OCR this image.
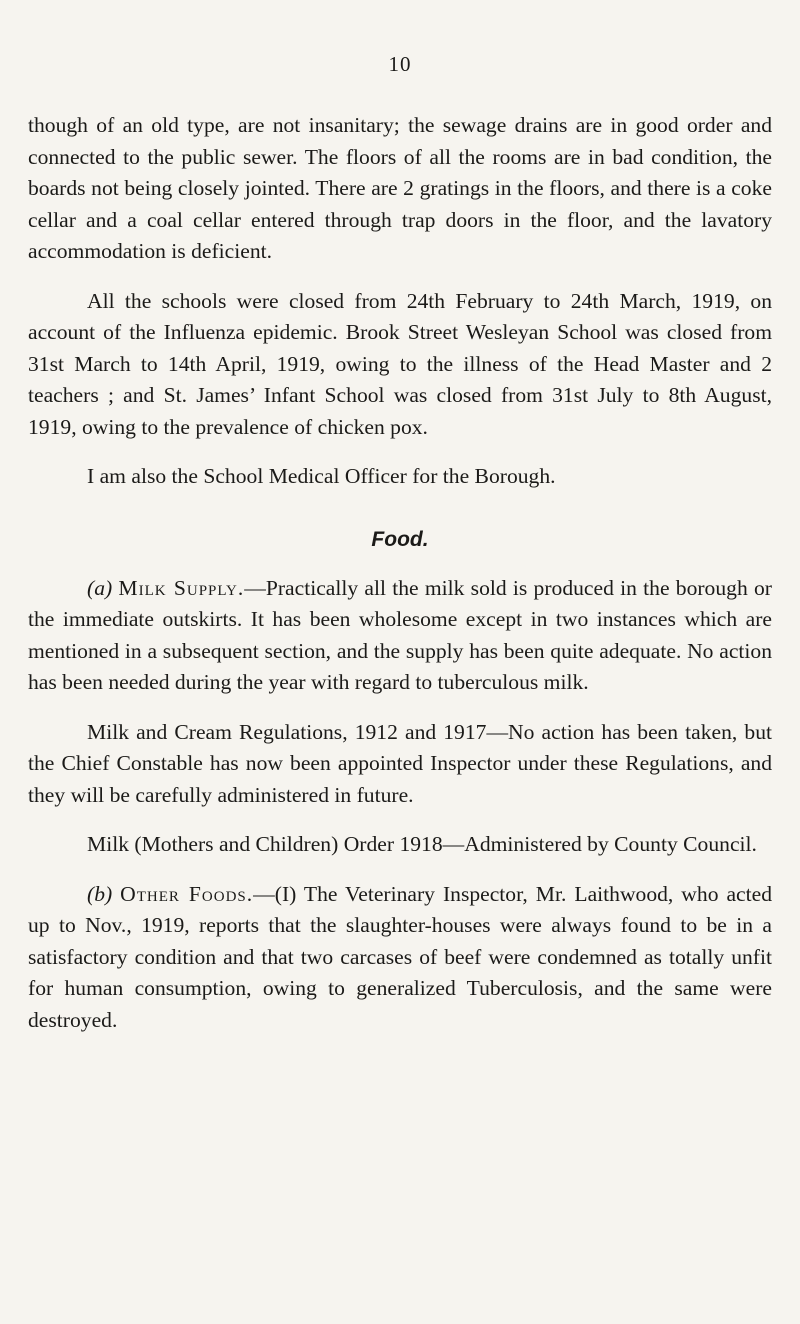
10

though of an old type, are not insanitary; the sewage drains are in good order and connected to the public sewer. The floors of all the rooms are in bad condition, the boards not being closely jointed. There are 2 gratings in the floors, and there is a coke cellar and a coal cellar entered through trap doors in the floor, and the lavatory accommodation is deficient.

All the schools were closed from 24th February to 24th March, 1919, on account of the Influenza epidemic. Brook Street Wesleyan School was closed from 31st March to 14th April, 1919, owing to the illness of the Head Master and 2 teachers ; and St. James’ Infant School was closed from 31st July to 8th August, 1919, owing to the prevalence of chicken pox.

I am also the School Medical Officer for the Borough.

Food.

(a) Milk Supply.—Practically all the milk sold is produced in the borough or the immediate outskirts. It has been wholesome except in two instances which are mentioned in a subsequent section, and the supply has been quite adequate. No action has been needed during the year with regard to tuberculous milk.

Milk and Cream Regulations, 1912 and 1917—No action has been taken, but the Chief Constable has now been appointed Inspector under these Regulations, and they will be carefully administered in future.

Milk (Mothers and Children) Order 1918—Administered by County Council.

(b) Other Foods.—(I) The Veterinary Inspector, Mr. Laithwood, who acted up to Nov., 1919, reports that the slaughter-houses were always found to be in a satisfactory condition and that two carcases of beef were condemned as totally unfit for human consumption, owing to generalized Tuberculosis, and the same were destroyed.
